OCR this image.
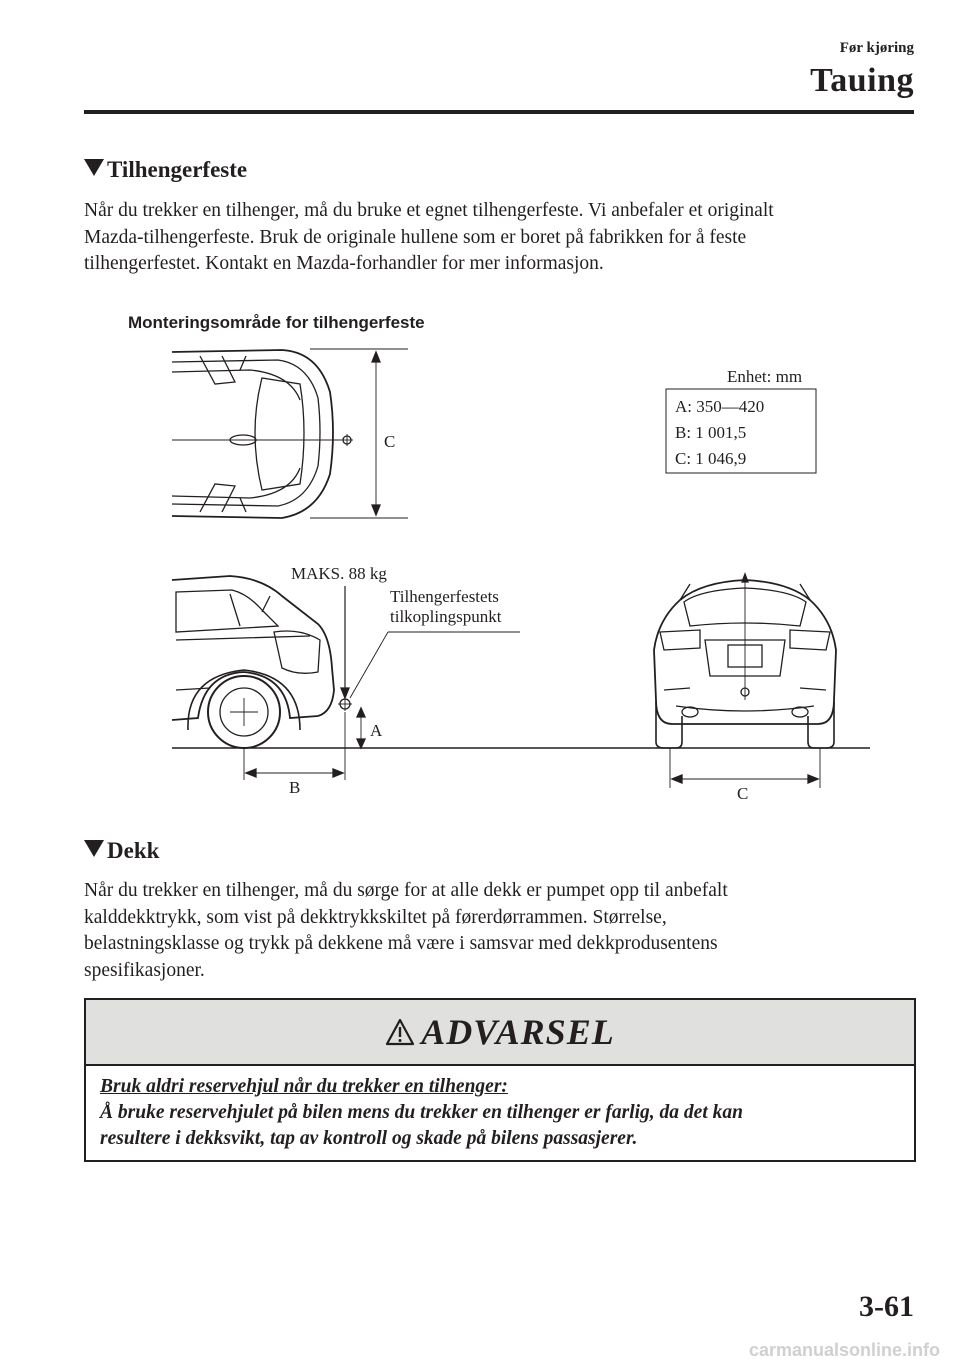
Før kjøring
Tauing
Tilhengerfeste

Når du trekker en tilhenger, må du bruke et egnet tilhengerfeste. Vi anbefaler et originalt

Mazda-tilhengerfeste. Bruk de originale hullene som er boret på fabrikken for å feste

tilhengerfestet. Kontakt en Mazda-forhandler for mer informasjon.

Monteringsområde for tilhengerfeste
C
Enhet: mm
A: 350—420
B: 1 001,5
C: 1 046,9
MAKS. 88 kg
Tilhengerfestets
tilkoplingspunkt
A
B	C
Dekk

Når du trekker en tilhenger, må du sørge for at alle dekk er pumpet opp til anbefalt

kalddekktrykk, som vist på dekktrykkskiltet på førerdørrammen. Størrelse,

belastningsklasse og trykk på dekkene må være i samsvar med dekkprodusentens

spesifikasjoner.

ADVARSEL
Bruk aldri reservehjul når du trekker en tilhenger:
Å bruke reservehjulet på bilen mens du trekker en tilhenger er farlig, da det kan
resultere i dekksvikt, tap av kontroll og skade på bilens passasjerer.
3-61
carmanualsonline.info
